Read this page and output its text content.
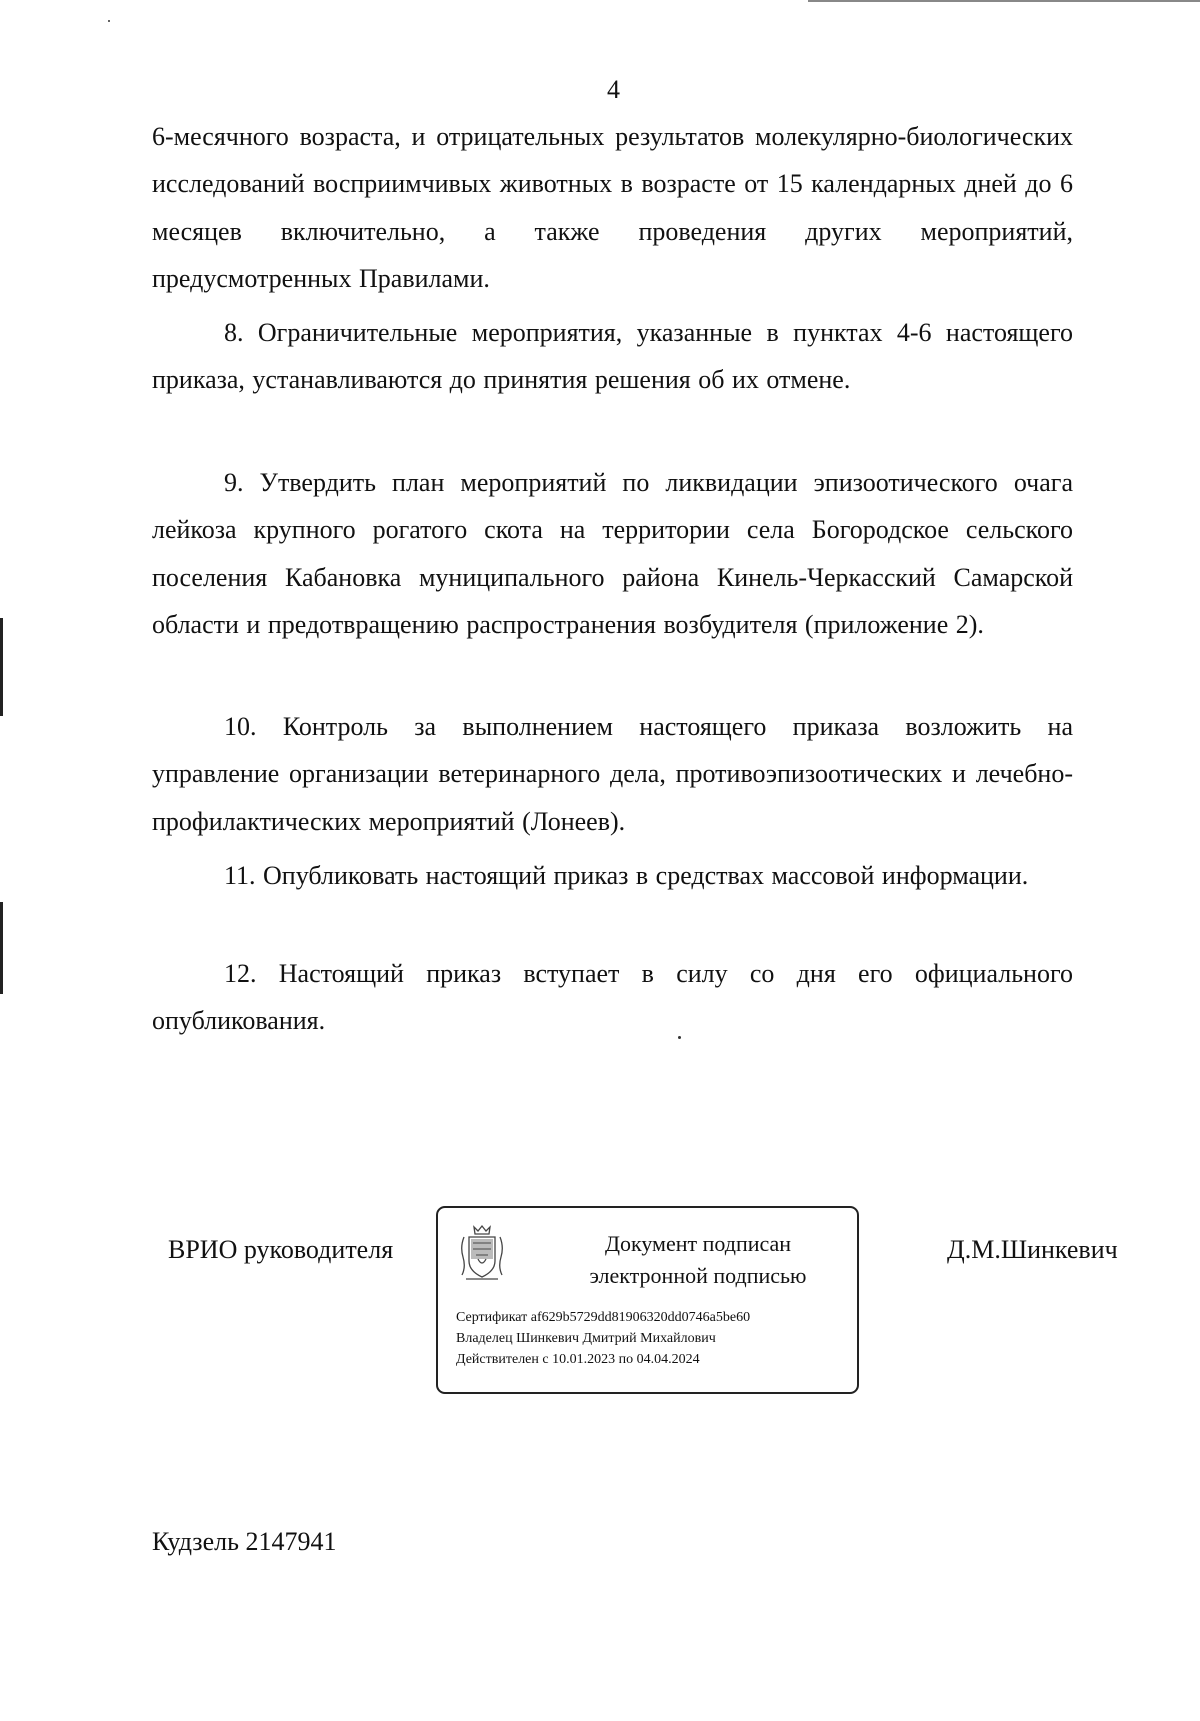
4

6-месячного возраста, и отрицательных результатов молекулярно-биологических исследований восприимчивых животных в возрасте от 15 календарных дней до 6 месяцев включительно, а также проведения других мероприятий, предусмотренных Правилами.

8. Ограничительные мероприятия, указанные в пунктах 4-6 настоящего приказа, устанавливаются до принятия решения об их отмене.

9. Утвердить план мероприятий по ликвидации эпизоотического очага лейкоза крупного рогатого скота на территории села Богородское сельского поселения Кабановка муниципального района Кинель-Черкасский Самарской области и предотвращению распространения возбудителя (приложение 2).

10. Контроль за выполнением настоящего приказа возложить на управление организации ветеринарного дела, противоэпизоотических и лечебно-профилактических мероприятий (Лонеев).

11. Опубликовать настоящий приказ в средствах массовой информации.

12. Настоящий приказ вступает в силу со дня его официального опубликования.

ВРИО руководителя	Документ подписан
электронной подписью
Сертификат af629b5729dd81906320dd0746a5be60
Владелец Шинкевич Дмитрий Михайлович
Действителен с 10.01.2023 по 04.04.2024
Д.М.Шинкевич
Кудзель 2147941
